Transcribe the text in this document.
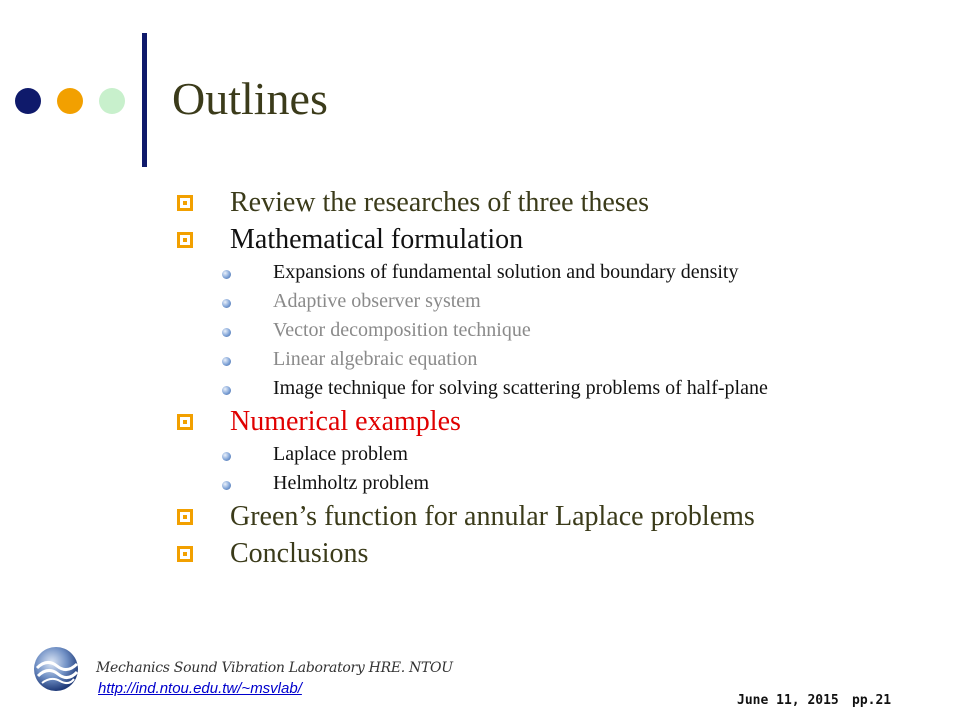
Outlines
Review the researches of three theses
Mathematical formulation
Expansions of fundamental solution and boundary density
Adaptive observer system
Vector decomposition technique
Linear algebraic equation
Image technique for solving scattering problems of half-plane
Numerical examples
Laplace problem
Helmholtz problem
Green’s function for annular Laplace problems
Conclusions
Mechanics Sound Vibration Laboratory HRE. NTOU
http://ind.ntou.edu.tw/~msvlab/
June 11, 2015 pp.21
